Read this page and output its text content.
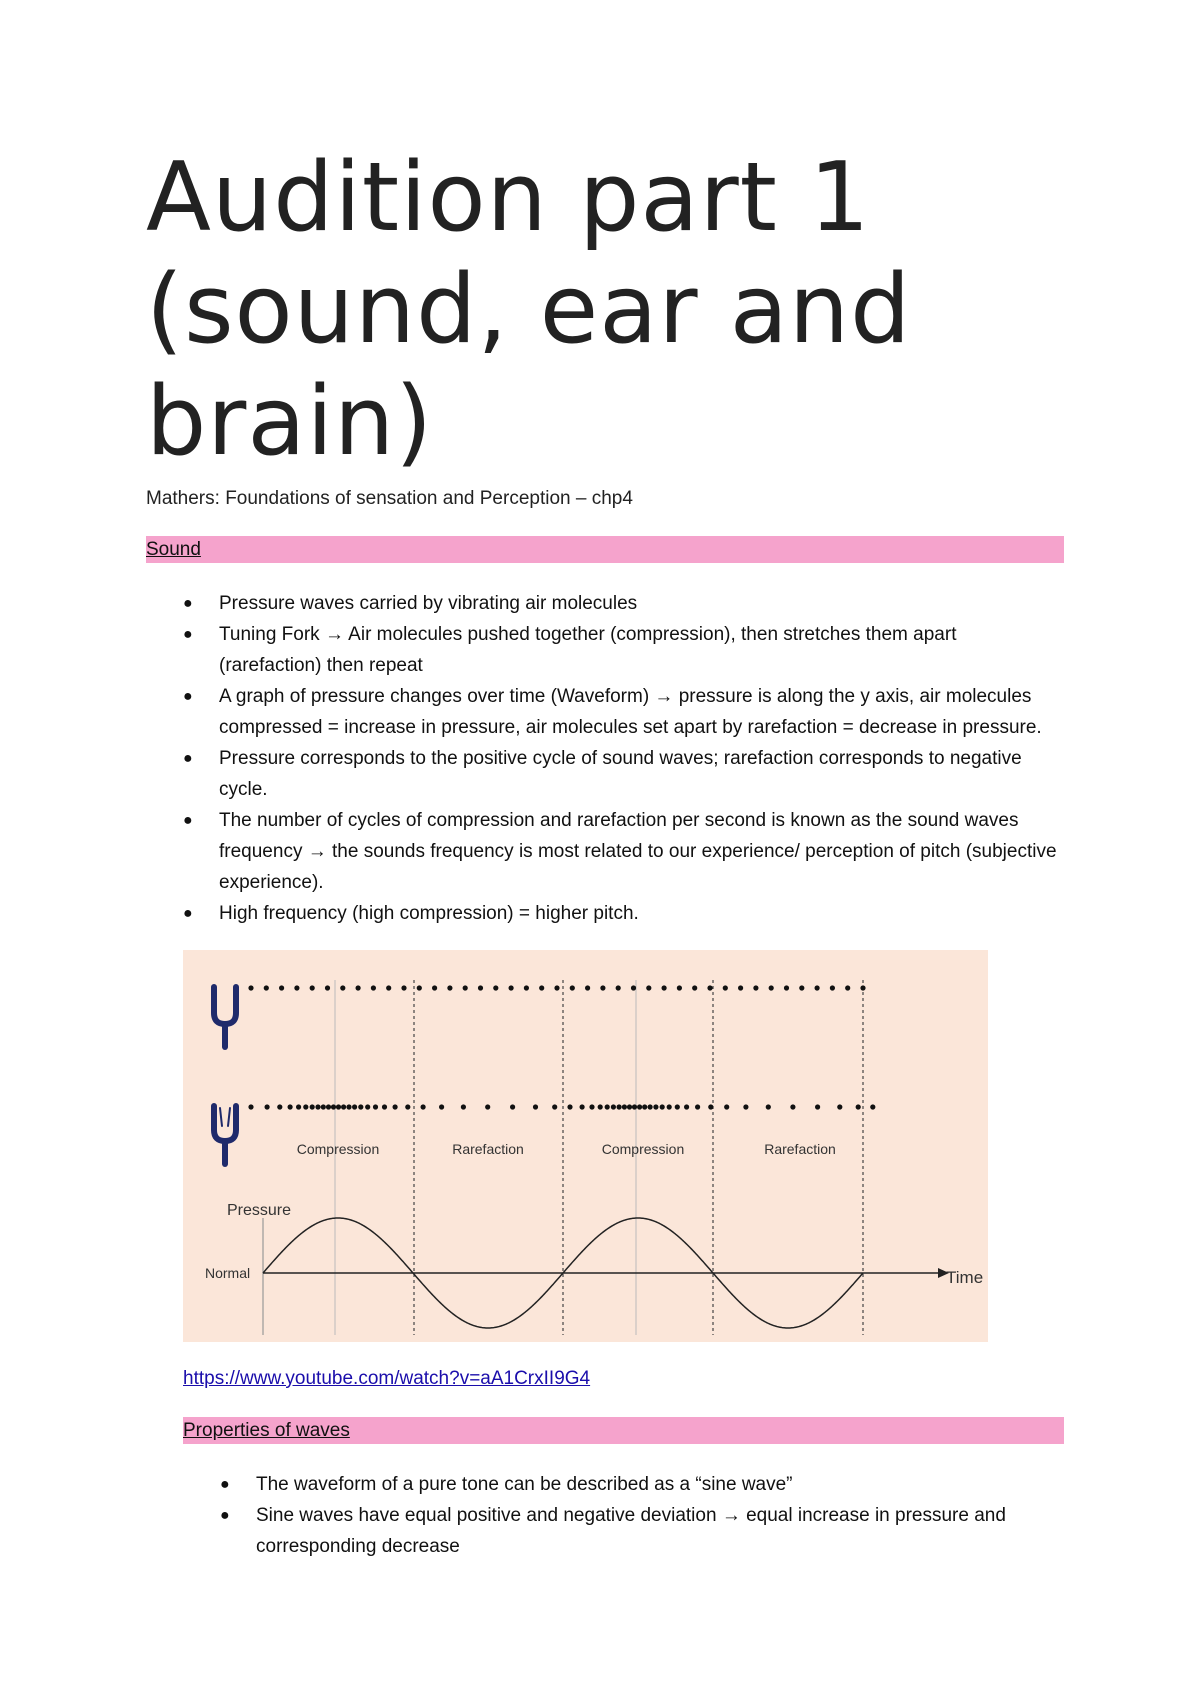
Audition part 1 (sound, ear and brain)
Mathers: Foundations of sensation and Perception – chp4
Sound
● Pressure waves carried by vibrating air molecules
● Tuning Fork → Air molecules pushed together (compression), then stretches them apart (rarefaction) then repeat
● A graph of pressure changes over time (Waveform) → pressure is along the y axis, air molecules compressed = increase in pressure, air molecules set apart by rarefaction = decrease in pressure.
● Pressure corresponds to the positive cycle of sound waves; rarefaction corresponds to negative cycle.
● The number of cycles of compression and rarefaction per second is known as the sound waves frequency → the sounds frequency is most related to our experience/ perception of pitch (subjective experience).
● High frequency (high compression) = higher pitch.
Compression	Rarefaction	Compression	Rarefaction
Pressure
Normal	Time
https://www.youtube.com/watch?v=aA1CrxII9G4
Properties of waves
● The waveform of a pure tone can be described as a “sine wave”
● Sine waves have equal positive and negative deviation → equal increase in pressure and corresponding decrease
